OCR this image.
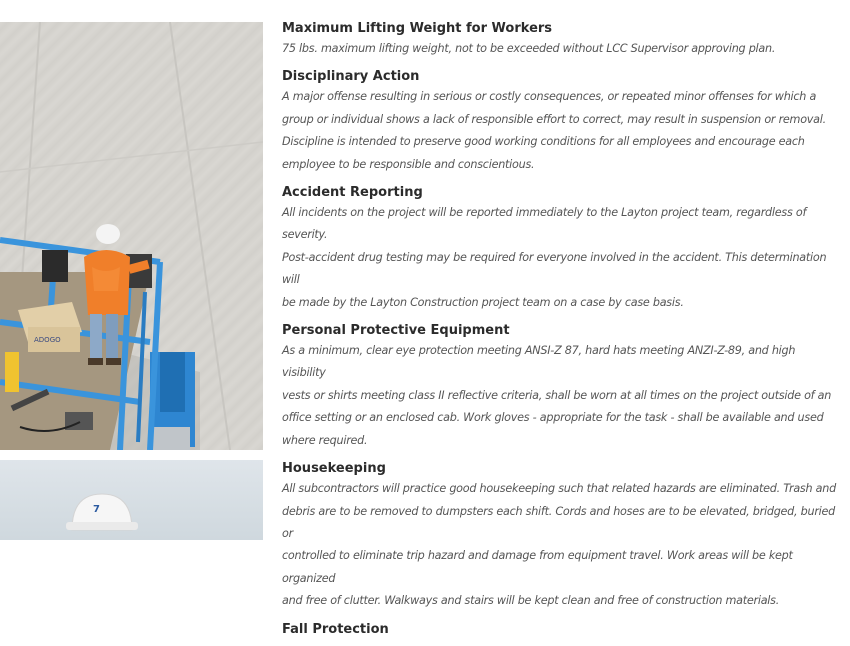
ADOGO
7
Maximum Lifting Weight for Workers
75 lbs. maximum lifting weight, not to be exceeded without LCC Supervisor approving plan.
Disciplinary Action
A major offense resulting in serious or costly consequences, or repeated minor offenses for which a
group or individual shows a lack of responsible effort to correct, may result in suspension or removal.
Discipline is intended to preserve good working conditions for all employees and encourage each
employee to be responsible and conscientious.
Accident Reporting
All incidents on the project will be reported immediately to the Layton project team, regardless of severity.
Post-accident drug testing may be required for everyone involved in the accident. This determination will
be made by the Layton Construction project team on a case by case basis.
Personal Protective Equipment
As a minimum, clear eye protection meeting ANSI-Z 87, hard hats meeting ANZI-Z-89, and high visibility
vests or shirts meeting class II reflective criteria, shall be worn at all times on the project outside of an
office setting or an enclosed cab. Work gloves - appropriate for the task - shall be available and used
where required.
Housekeeping
All subcontractors will practice good housekeeping such that related hazards are eliminated. Trash and
debris are to be removed to dumpsters each shift. Cords and hoses are to be elevated, bridged, buried or
controlled to eliminate trip hazard and damage from equipment travel. Work areas will be kept organized
and free of clutter. Walkways and stairs will be kept clean and free of construction materials.
Fall Protection
